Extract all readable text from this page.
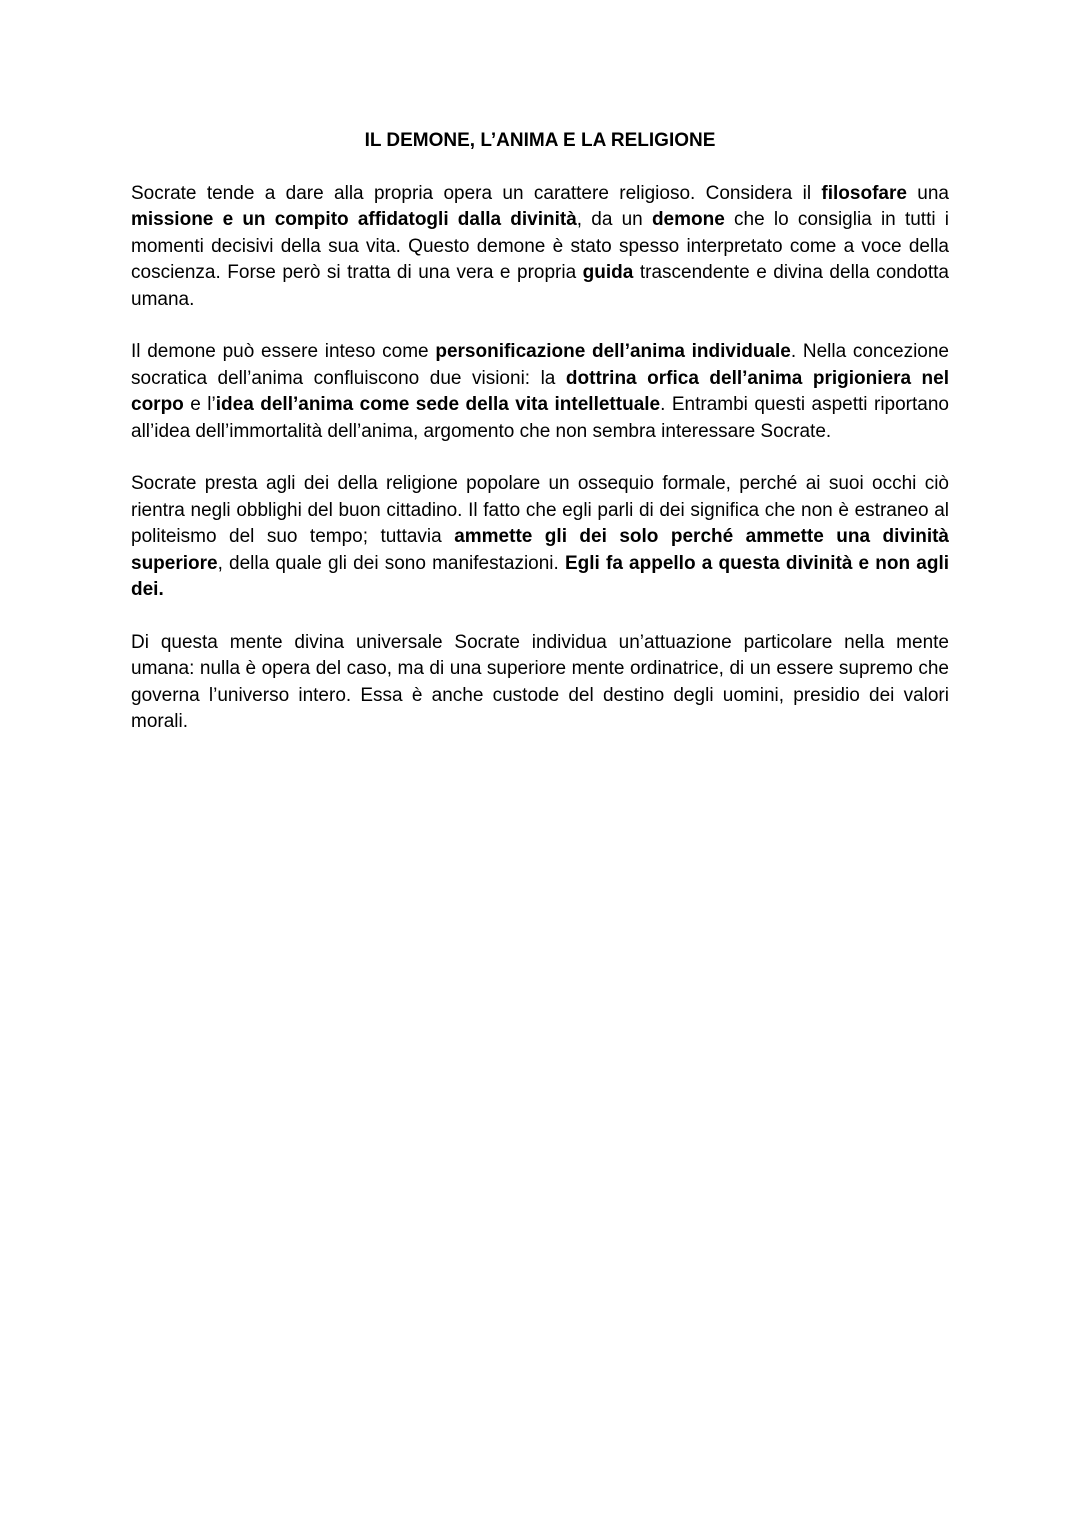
IL DEMONE, L’ANIMA E LA RELIGIONE

Socrate tende a dare alla propria opera un carattere religioso. Considera il filosofare una missione e un compito affidatogli dalla divinità, da un demone che lo consiglia in tutti i momenti decisivi della sua vita. Questo demone è stato spesso interpretato come a voce della coscienza. Forse però si tratta di una vera e propria guida trascendente e divina della condotta umana.

Il demone può essere inteso come personificazione dell’anima individuale. Nella concezione socratica dell’anima confluiscono due visioni: la dottrina orfica dell’anima prigioniera nel corpo e l’idea dell’anima come sede della vita intellettuale. Entrambi questi aspetti riportano all’idea dell’immortalità dell’anima, argomento che non sembra interessare Socrate.

Socrate presta agli dei della religione popolare un ossequio formale, perché ai suoi occhi ciò rientra negli obblighi del buon cittadino. Il fatto che egli parli di dei significa che non è estraneo al politeismo del suo tempo; tuttavia ammette gli dei solo perché ammette una divinità superiore, della quale gli dei sono manifestazioni. Egli fa appello a questa divinità e non agli dei.

Di questa mente divina universale Socrate individua un’attuazione particolare nella mente umana: nulla è opera del caso, ma di una superiore mente ordinatrice, di un essere supremo che governa l’universo intero. Essa è anche custode del destino degli uomini, presidio dei valori morali.
